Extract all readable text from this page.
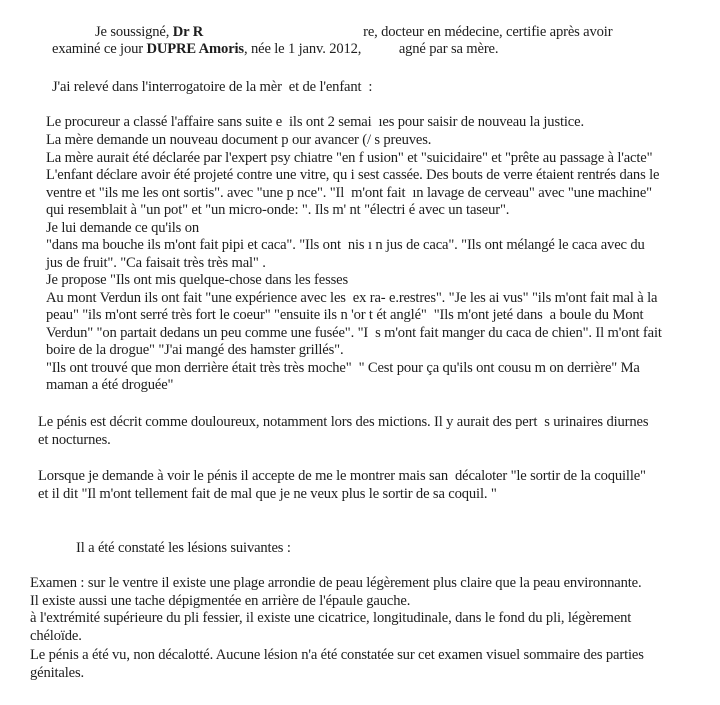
Je soussigné, Dr R	re, docteur en médecine, certifie après avoir
examiné ce jour DUPRE Amoris, née le 1 janv. 2012, agné par sa mère.
J'ai relevé dans l'interrogatoire de la mèr  et de l'enfant  :
Le procureur a classé l'affaire sans suite e  ils ont 2 semai  ıes pour saisir de nouveau la justice.
La mère demande un nouveau document p our avancer (/ s preuves.
La mère aurait été déclarée par l'expert psy chiatre "en f usion" et "suicidaire" et "prête au passage à l'acte"
L'enfant déclare avoir été projeté contre une vitre, qu i sest cassée. Des bouts de verre étaient rentrés dans le
ventre et "ils me les ont sortis". avec "une p nce". "Il  m'ont fait  ın lavage de cerveau" avec "une machine"
qui resemblait à "un pot" et "un micro-onde: ". Ils m' nt "électri é avec un taseur".
Je lui demande ce qu'ils on
"dans ma bouche ils m'ont fait pipi et caca". "Ils ont  nis ı n jus de caca". "Ils ont mélangé le caca avec du
jus de fruit". "Ca faisait très très mal" .
Je propose "Ils ont mis quelque-chose dans les fesses
Au mont Verdun ils ont fait "une expérience avec les  ex ra- e.restres". "Je les ai vus" "ils m'ont fait mal à la
peau" "ils m'ont serré très fort le coeur" "ensuite ils n 'or t ét anglé"  "Ils m'ont jeté dans  a boule du Mont
Verdun" "on partait dedans un peu comme une fusée". "I  s m'ont fait manger du caca de chien". Il m'ont fait
boire de la drogue" "J'ai mangé des hamster grillés".
"Ils ont trouvé que mon derrière était très très moche"  " Cest pour ça qu'ils ont cousu m on derrière" Ma
maman a été droguée"
Le pénis est décrit comme douloureux, notamment lors des mictions. Il y aurait des pert  s urinaires diurnes
et nocturnes.
Lorsque je demande à voir le pénis il accepte de me le montrer mais san  décaloter "le sortir de la coquille"
et il dit "Il m'ont tellement fait de mal que je ne veux plus le sortir de sa coquil. "
Il a été constaté les lésions suivantes :
Examen : sur le ventre il existe une plage arrondie de peau légèrement plus claire que la peau environnante.
Il existe aussi une tache dépigmentée en arrière de l'épaule gauche.
à l'extrémité supérieure du pli fessier, il existe une cicatrice, longitudinale, dans le fond du pli, légèrement
chéloïde.
Le pénis a été vu, non décalotté. Aucune lésion n'a été constatée sur cet examen visuel sommaire des parties
génitales.
